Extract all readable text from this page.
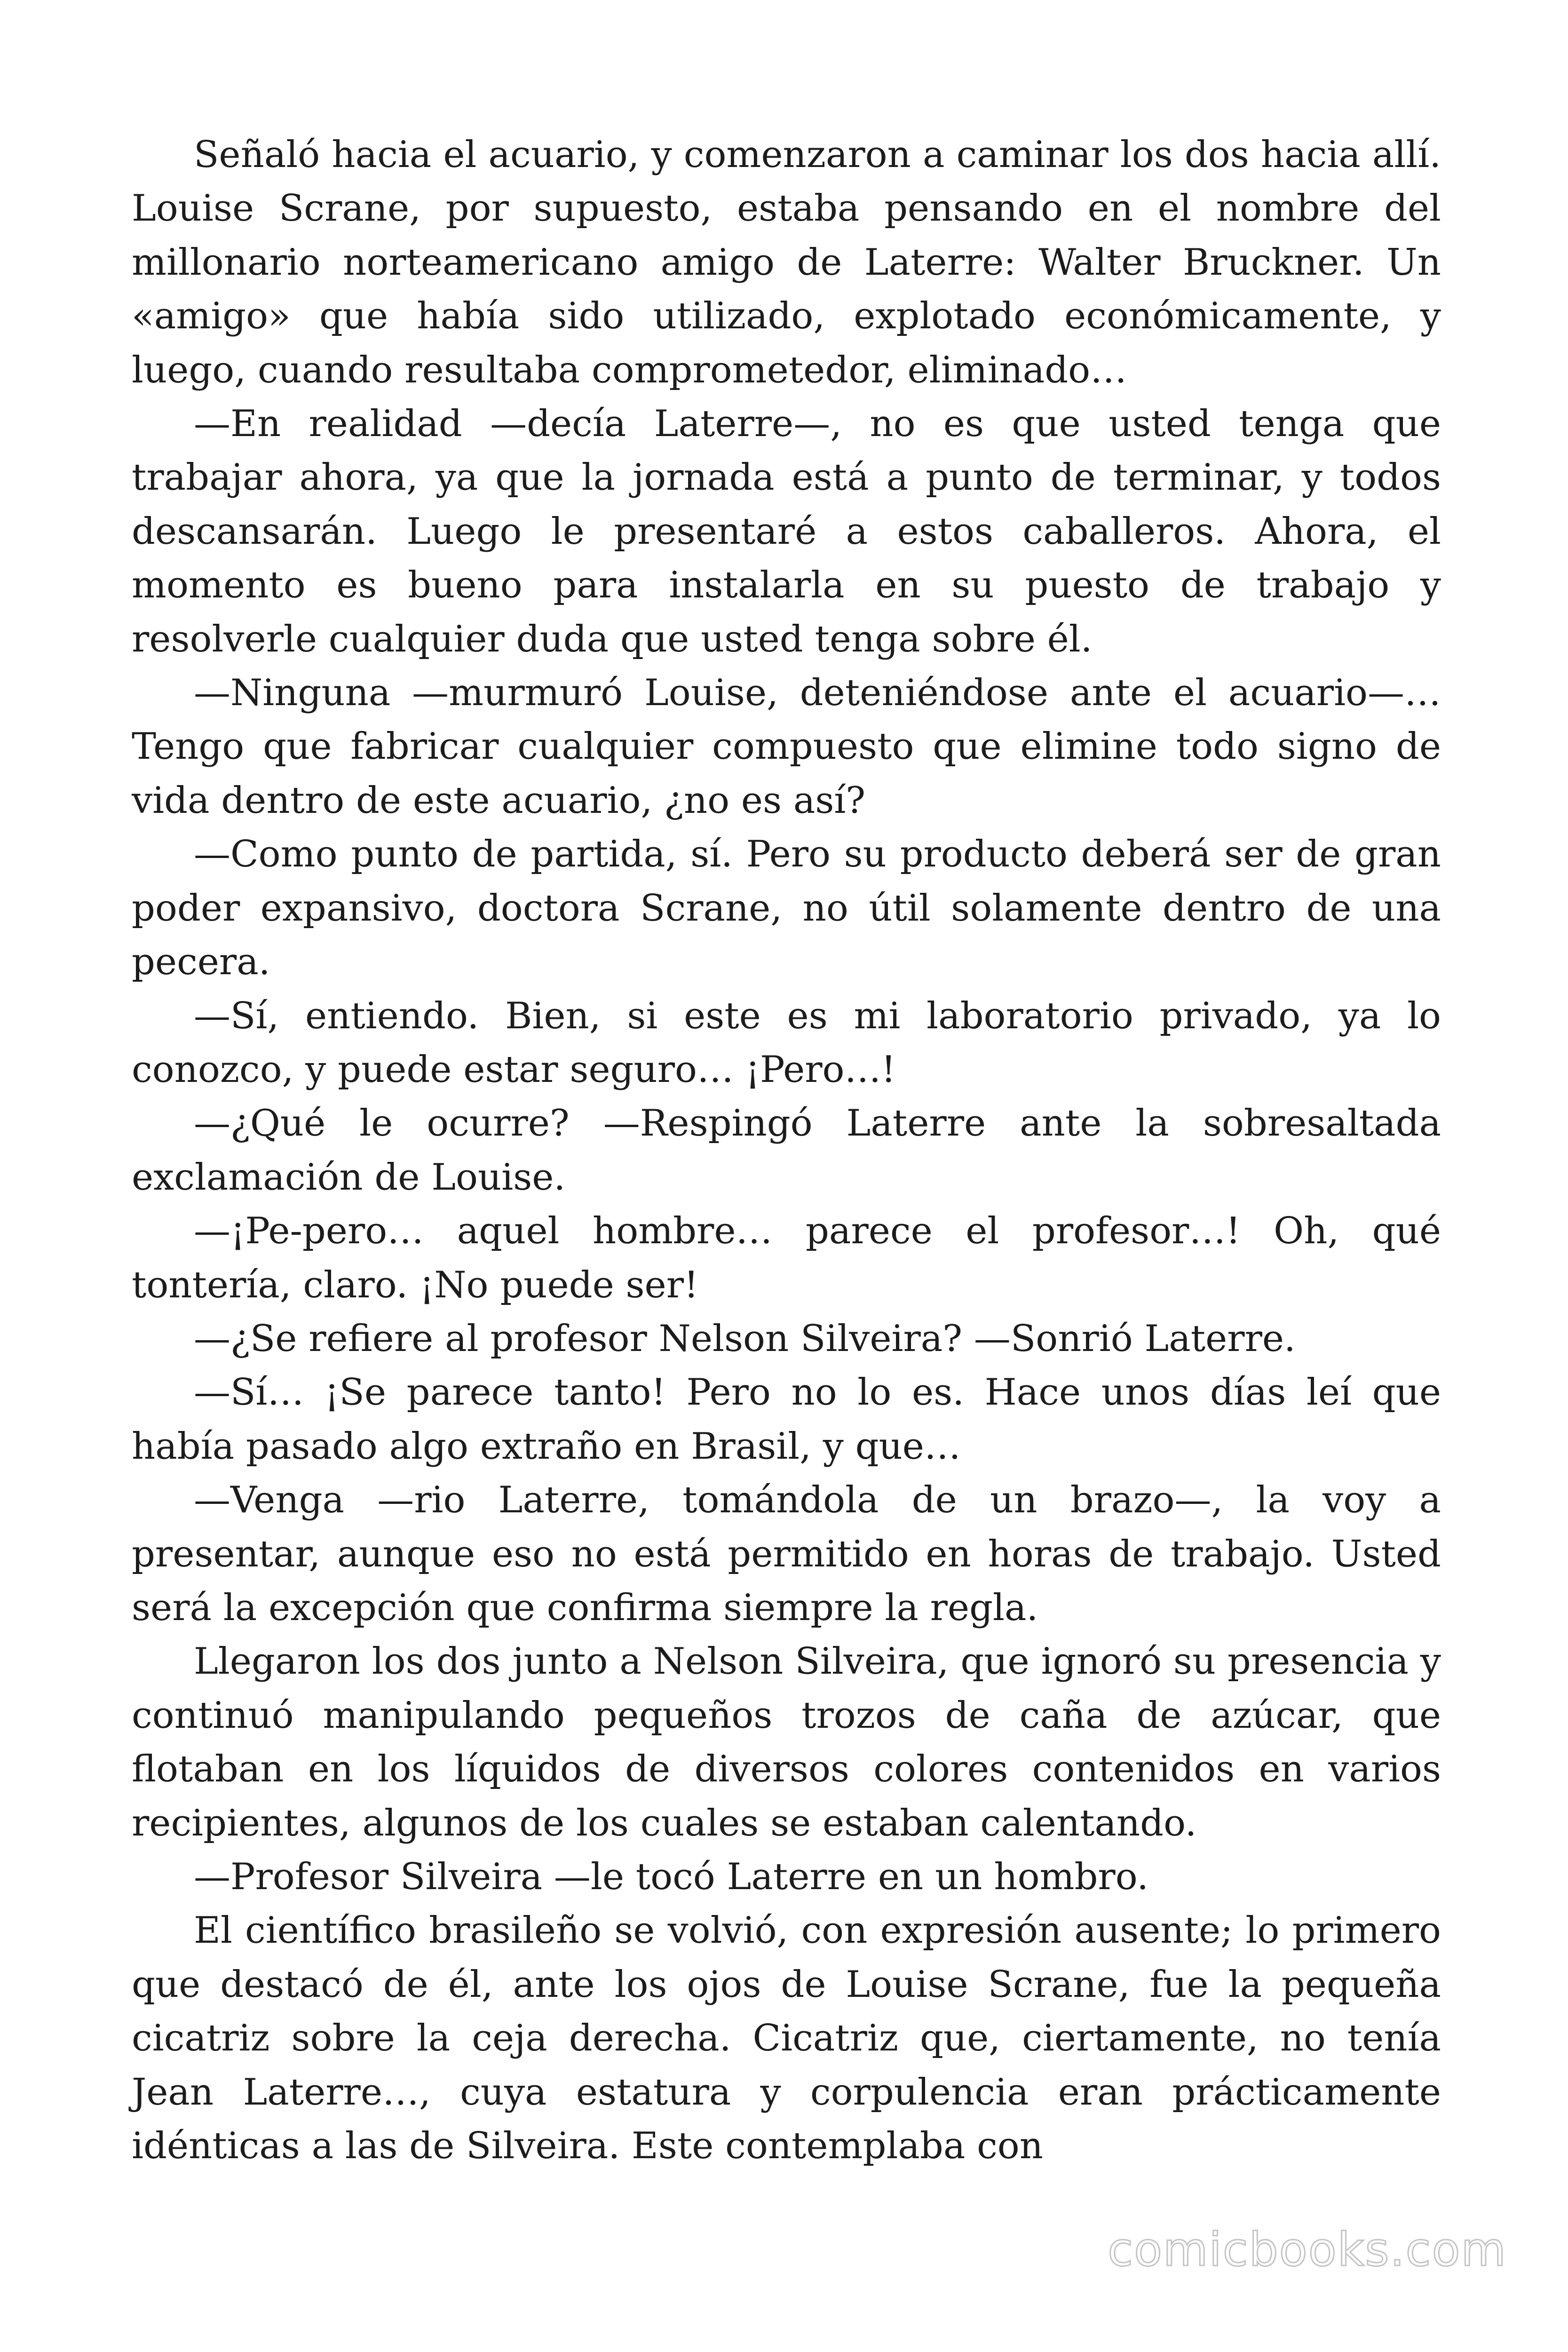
Señaló hacia el acuario, y comenzaron a caminar los dos hacia allí. Louise Scrane, por supuesto, estaba pensando en el nombre del millonario norteamericano amigo de Laterre: Walter Bruckner. Un «amigo» que había sido utilizado, explotado económicamente, y luego, cuando resultaba comprometedor, eliminado…

—En realidad —decía Laterre—, no es que usted tenga que trabajar ahora, ya que la jornada está a punto de terminar, y todos descansarán. Luego le presentaré a estos caballeros. Ahora, el momento es bueno para instalarla en su puesto de trabajo y resolverle cualquier duda que usted tenga sobre él.

—Ninguna —murmuró Louise, deteniéndose ante el acuario—… Tengo que fabricar cualquier compuesto que elimine todo signo de vida dentro de este acuario, ¿no es así?

—Como punto de partida, sí. Pero su producto deberá ser de gran poder expansivo, doctora Scrane, no útil solamente dentro de una pecera.

—Sí, entiendo. Bien, si este es mi laboratorio privado, ya lo conozco, y puede estar seguro… ¡Pero…!

—¿Qué le ocurre? —Respingó Laterre ante la sobresaltada exclamación de Louise.

—¡Pe-pero… aquel hombre… parece el profesor…! Oh, qué tontería, claro. ¡No puede ser!

—¿Se refiere al profesor Nelson Silveira? —Sonrió Laterre.

—Sí… ¡Se parece tanto! Pero no lo es. Hace unos días leí que había pasado algo extraño en Brasil, y que…

—Venga —rio Laterre, tomándola de un brazo—, la voy a presentar, aunque eso no está permitido en horas de trabajo. Usted será la excepción que confirma siempre la regla.

Llegaron los dos junto a Nelson Silveira, que ignoró su presencia y continuó manipulando pequeños trozos de caña de azúcar, que flotaban en los líquidos de diversos colores contenidos en varios recipientes, algunos de los cuales se estaban calentando.

—Profesor Silveira —le tocó Laterre en un hombro.

El científico brasileño se volvió, con expresión ausente; lo primero que destacó de él, ante los ojos de Louise Scrane, fue la pequeña cicatriz sobre la ceja derecha. Cicatriz que, ciertamente, no tenía Jean Laterre…, cuya estatura y corpulencia eran prácticamente idénticas a las de Silveira. Este contemplaba con

comicbooks.com
